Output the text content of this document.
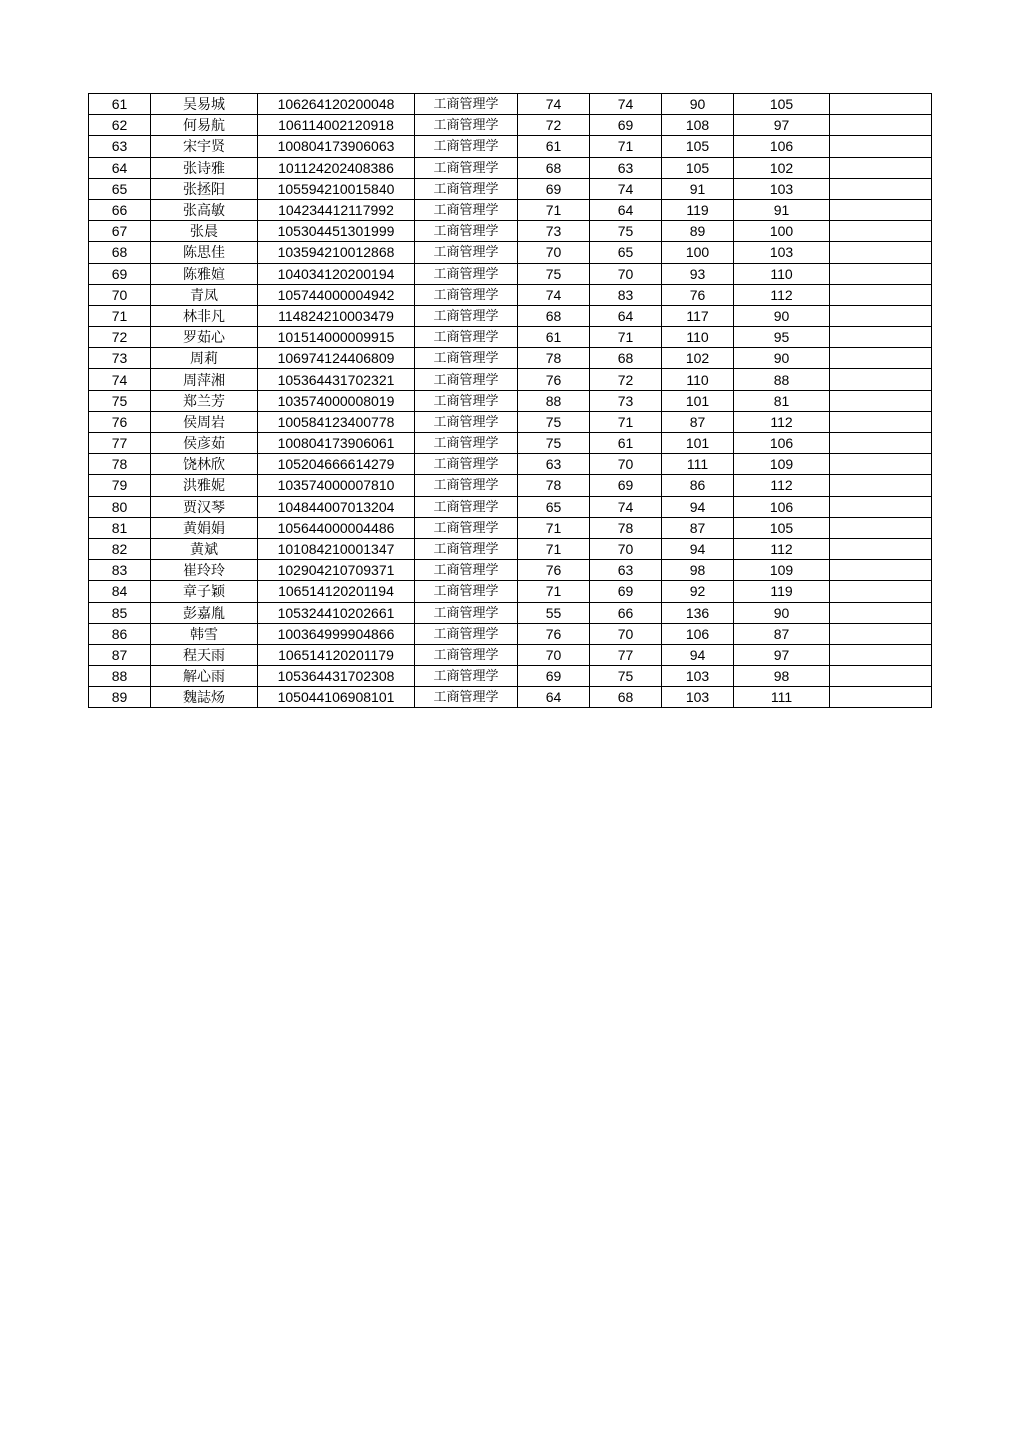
61	吴易城	106264120200048	工商管理学	74	74	90	105	
62	何易航	106114002120918	工商管理学	72	69	108	97	
63	宋宇贤	100804173906063	工商管理学	61	71	105	106	
64	张诗雅	101124202408386	工商管理学	68	63	105	102	
65	张拯阳	105594210015840	工商管理学	69	74	91	103	
66	张高敏	104234412117992	工商管理学	71	64	119	91	
67	张晨	105304451301999	工商管理学	73	75	89	100	
68	陈思佳	103594210012868	工商管理学	70	65	100	103	
69	陈雅媗	104034120200194	工商管理学	75	70	93	110	
70	青凤	105744000004942	工商管理学	74	83	76	112	
71	林非凡	114824210003479	工商管理学	68	64	117	90	
72	罗茹心	101514000009915	工商管理学	61	71	110	95	
73	周莉	106974124406809	工商管理学	78	68	102	90	
74	周萍湘	105364431702321	工商管理学	76	72	110	88	
75	郑兰芳	103574000008019	工商管理学	88	73	101	81	
76	侯周岩	100584123400778	工商管理学	75	71	87	112	
77	侯彦茹	100804173906061	工商管理学	75	61	101	106	
78	饶林欣	105204666614279	工商管理学	63	70	111	109	
79	洪雅妮	103574000007810	工商管理学	78	69	86	112	
80	贾汉琴	104844007013204	工商管理学	65	74	94	106	
81	黄娟娟	105644000004486	工商管理学	71	78	87	105	
82	黄斌	101084210001347	工商管理学	71	70	94	112	
83	崔玲玲	102904210709371	工商管理学	76	63	98	109	
84	章子颖	106514120201194	工商管理学	71	69	92	119	
85	彭嘉胤	105324410202661	工商管理学	55	66	136	90	
86	韩雪	100364999904866	工商管理学	76	70	106	87	
87	程天雨	106514120201179	工商管理学	70	77	94	97	
88	解心雨	105364431702308	工商管理学	69	75	103	98	
89	魏誌炀	105044106908101	工商管理学	64	68	103	111	
